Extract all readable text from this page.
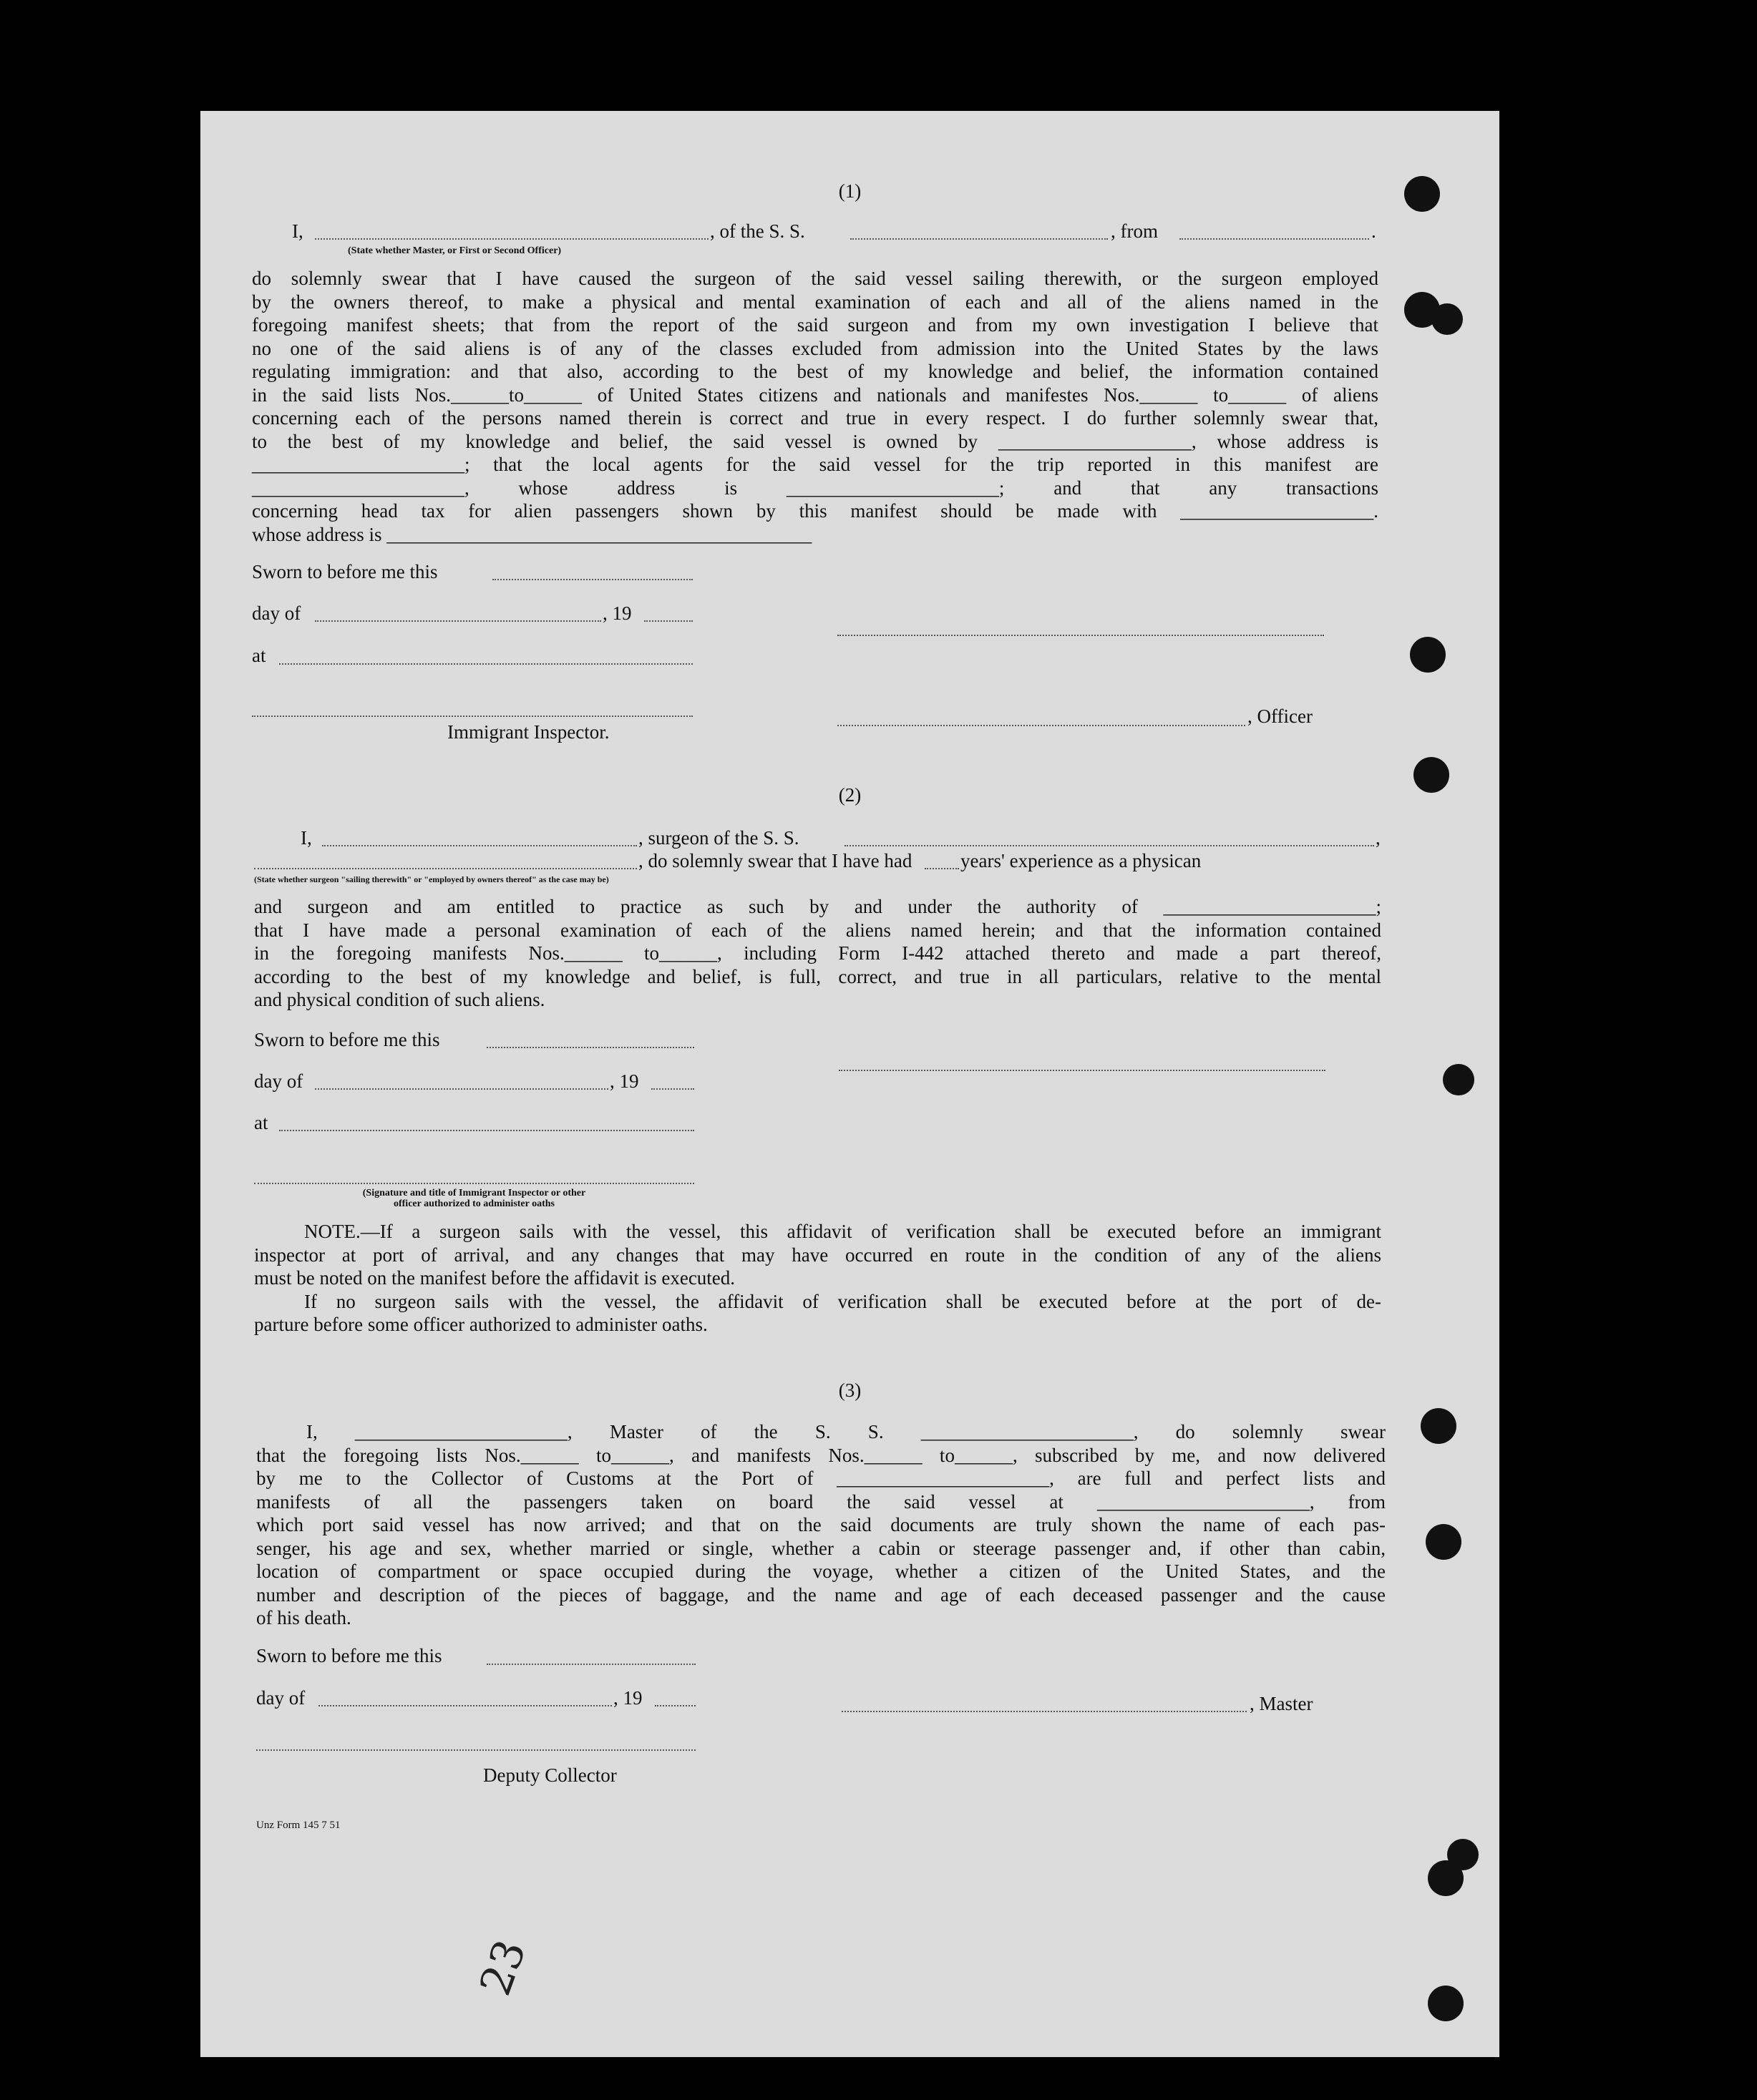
(1)
I,	, of the S. S.	, from	.
(State whether Master, or First or Second Officer)
do solemnly swear that I have caused the surgeon of the said vessel sailing therewith, or the surgeon employed
by the owners thereof, to make a physical and mental examination of each and all of the aliens named in the
foregoing manifest sheets; that from the report of the said surgeon and from my own investigation I believe that
no one of the said aliens is of any of the classes excluded from admission into the United States by the laws
regulating immigration: and that also, according to the best of my knowledge and belief, the information contained
in the said lists Nos.______to______ of United States citizens and nationals and manifestes Nos.______ to______ of aliens
concerning each of the persons named therein is correct and true in every respect. I do further solemnly swear that,
to the best of my knowledge and belief, the said vessel is owned by ____________________, whose address is
______________________; that the local agents for the said vessel for the trip reported in this manifest are
______________________, whose address is ______________________; and that any transactions
concerning head tax for alien passengers shown by this manifest should be made with ____________________.
whose address is ____________________________________________
Sworn to before me this
day of	, 19
at
, Officer
Immigrant Inspector.
(2)
I,	, surgeon of the S. S.	,
, do solemnly swear that I have had	years' experience as a physican
(State whether surgeon "sailing therewith" or "employed by owners thereof" as the case may be)
and surgeon and am entitled to practice as such by and under the authority of ______________________;
that I have made a personal examination of each of the aliens named herein; and that the information contained
in the foregoing manifests Nos.______ to______, including Form I-442 attached thereto and made a part thereof,
according to the best of my knowledge and belief, is full, correct, and true in all particulars, relative to the mental
and physical condition of such aliens.
Sworn to before me this
day of	, 19
at
(Signature and title of Immigrant Inspector or other
officer authorized to administer oaths
NOTE.—If a surgeon sails with the vessel, this affidavit of verification shall be executed before an immigrant
inspector at port of arrival, and any changes that may have occurred en route in the condition of any of the aliens
must be noted on the manifest before the affidavit is executed.
If no surgeon sails with the vessel, the affidavit of verification shall be executed before at the port of de-
parture before some officer authorized to administer oaths.
(3)
I, ______________________, Master of the S. S. ______________________, do solemnly swear
that the foregoing lists Nos.______ to______, and manifests Nos.______ to______, subscribed by me, and now delivered
by me to the Collector of Customs at the Port of ______________________, are full and perfect lists and
manifests of all the passengers taken on board the said vessel at ______________________, from
which port said vessel has now arrived; and that on the said documents are truly shown the name of each pas-
senger, his age and sex, whether married or single, whether a cabin or steerage passenger and, if other than cabin,
location of compartment or space occupied during the voyage, whether a citizen of the United States, and the
number and description of the pieces of baggage, and the name and age of each deceased passenger and the cause
of his death.
Sworn to before me this
day of	, 19	, Master
Deputy Collector
Unz Form 145 7 51
23
